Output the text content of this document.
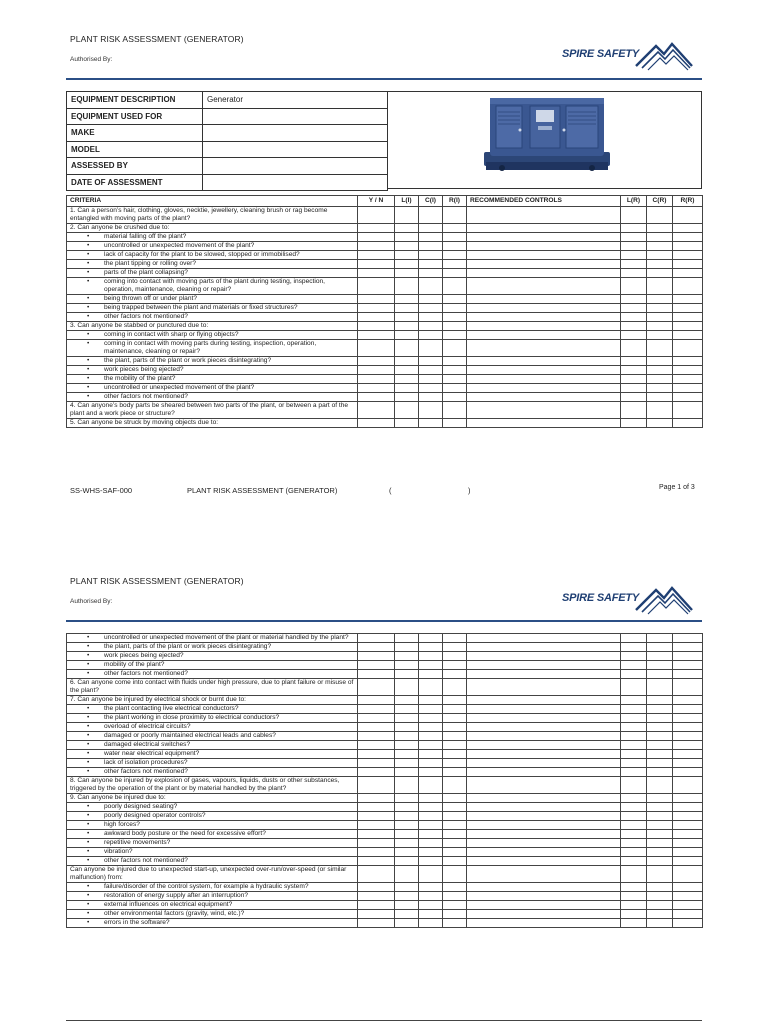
PLANT RISK ASSESSMENT (GENERATOR)
Authorised By:	SPIRE SAFETY
EQUIPMENT DESCRIPTION	Generator
EQUIPMENT USED FOR	
MAKE	
MODEL	
ASSESSED BY	
DATE OF ASSESSMENT	
CRITERIA	Y / N	L(I)	C(I)	R(I)	RECOMMENDED CONTROLS	L(R)	C(R)	R(R)
1. Can a person’s hair, clothing, gloves, necktie, jewellery, cleaning brush or rag become entangled with moving parts of the plant?								
2. Can anyone be crushed due to:								
• material falling off the plant?								
• uncontrolled or unexpected movement of the plant?								
• lack of capacity for the plant to be slowed, stopped or immobilised?								
• the plant tipping or rolling over?								
• parts of the plant collapsing?								
• coming into contact with moving parts of the plant during testing, inspection, operation, maintenance, cleaning or repair?								
• being thrown off or under plant?								
• being trapped between the plant and materials or fixed structures?								
• other factors not mentioned?								
3. Can anyone be stabbed or punctured due to:								
• coming in contact with sharp or flying objects?								
• coming in contact with moving parts during testing, inspection, operation, maintenance, cleaning or repair?								
• the plant, parts of the plant or work pieces disintegrating?								
• work pieces being ejected?								
• the mobility of the plant?								
• uncontrolled or unexpected movement of the plant?								
• other factors not mentioned?								
4. Can anyone’s body parts be sheared between two parts of the plant, or between a part of the plant and a work piece or structure?								
5. Can anyone be struck by moving objects due to:								
SS-WHS-SAF-000	PLANT RISK ASSESSMENT (GENERATOR)	(	)	Page 1 of 3
PLANT RISK ASSESSMENT (GENERATOR)
Authorised By:	SPIRE SAFETY
• uncontrolled or unexpected movement of the plant or material handled by the plant?								
• the plant, parts of the plant or work pieces disintegrating?								
• work pieces being ejected?								
• mobility of the plant?								
• other factors not mentioned?								
6. Can anyone come into contact with fluids under high pressure, due to plant failure or misuse of the plant?								
7. Can anyone be injured by electrical shock or burnt due to:								
• the plant contacting live electrical conductors?								
• the plant working in close proximity to electrical conductors?								
• overload of electrical circuits?								
• damaged or poorly maintained electrical leads and cables?								
• damaged electrical switches?								
• water near electrical equipment?								
• lack of isolation procedures?								
• other factors not mentioned?								
8. Can anyone be injured by explosion of gases, vapours, liquids, dusts or other substances, triggered by the operation of the plant or by material handled by the plant?								
9. Can anyone be injured due to:								
• poorly designed seating?								
• poorly designed operator controls?								
• high forces?								
• awkward body posture or the need for excessive effort?								
• repetitive movements?								
• vibration?								
• other factors not mentioned?								
Can anyone be injured due to unexpected start-up, unexpected over-run/over-speed (or similar malfunction) from:								
• failure/disorder of the control system, for example a hydraulic system?								
• restoration of energy supply after an interruption?								
• external influences on electrical equipment?								
• other environmental factors (gravity, wind, etc.)?								
• errors in the software?								
